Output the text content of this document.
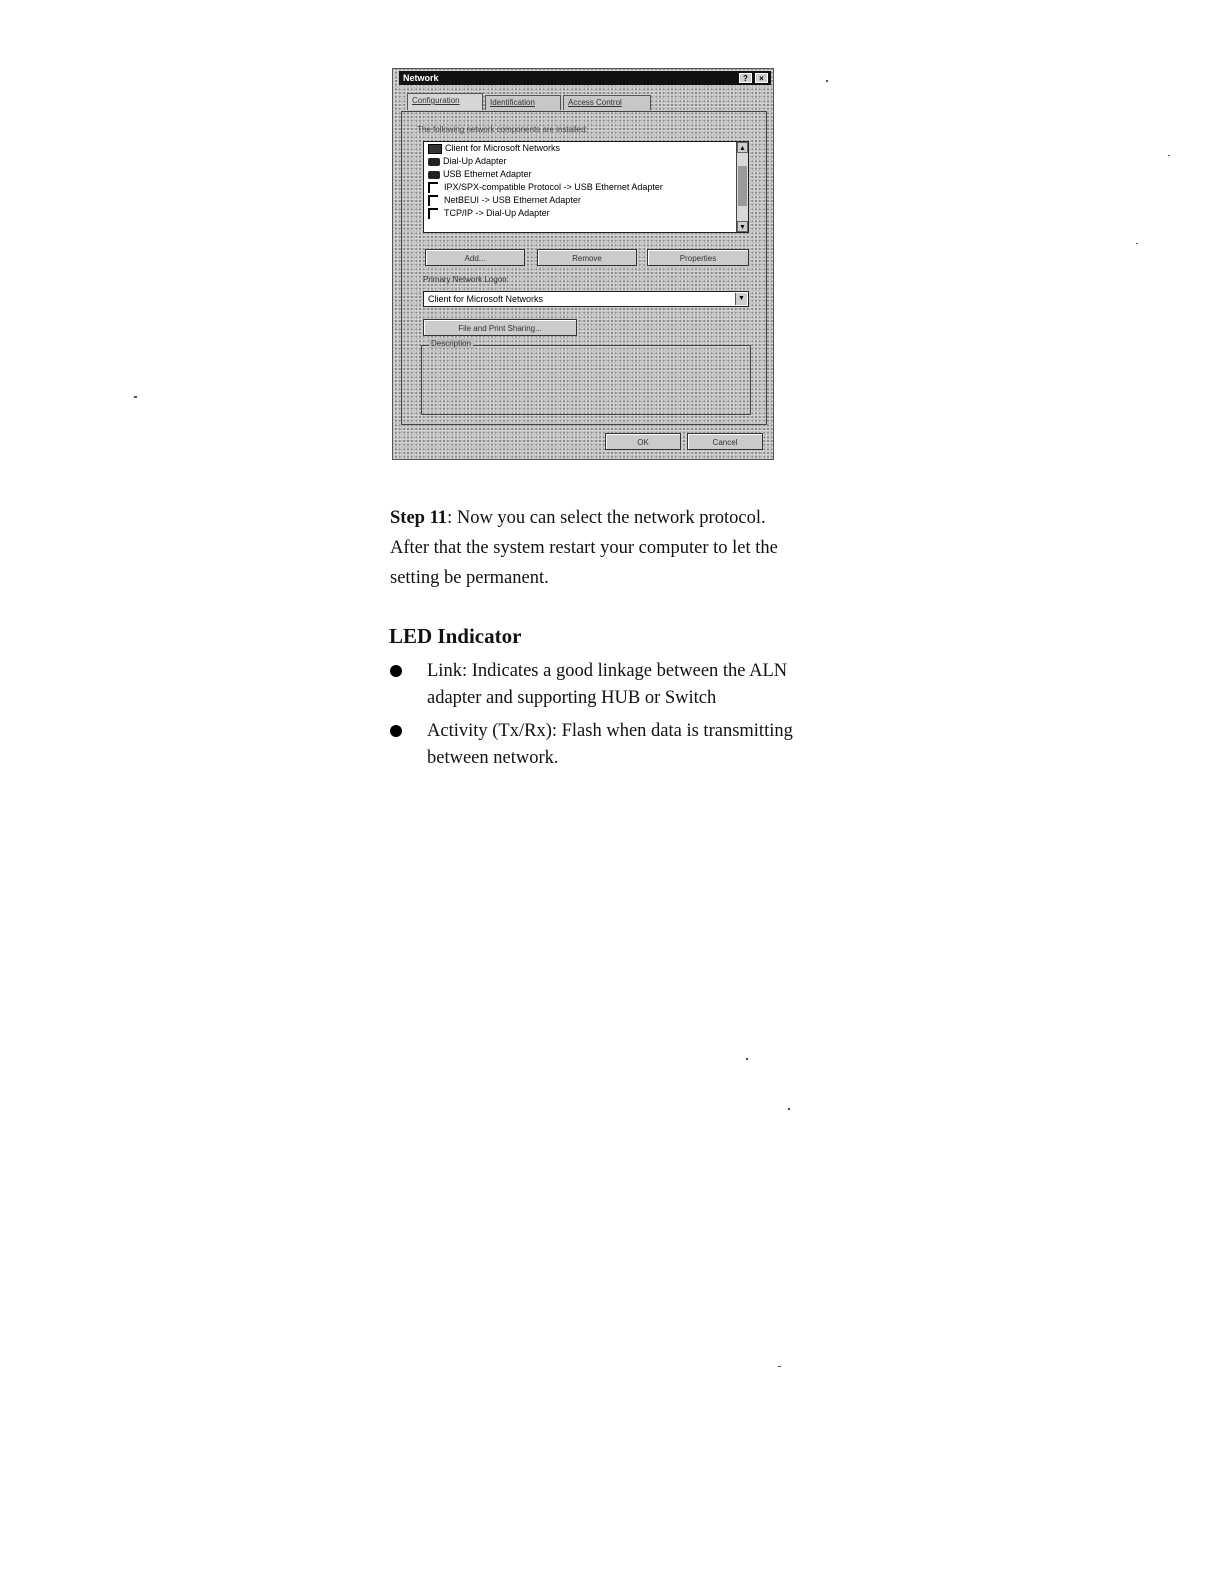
Network	?	×
Configuration	Identification	Access Control
The following network components are installed:
Client for Microsoft Networks
Dial-Up Adapter
USB Ethernet Adapter
IPX/SPX-compatible Protocol -> USB Ethernet Adapter
NetBEUI -> USB Ethernet Adapter
TCP/IP -> Dial-Up Adapter
▲
▼
Add...	Remove	Properties
Primary Network Logon:
Client for Microsoft Networks	▼
File and Print Sharing...
Description
OK	Cancel

Step 11: Now you can select the network protocol. After that the system restart your computer to let the setting be permanent.

LED Indicator
Link: Indicates a good linkage between the ALN adapter and supporting HUB or Switch
Activity (Tx/Rx): Flash when data is transmitting between network.
